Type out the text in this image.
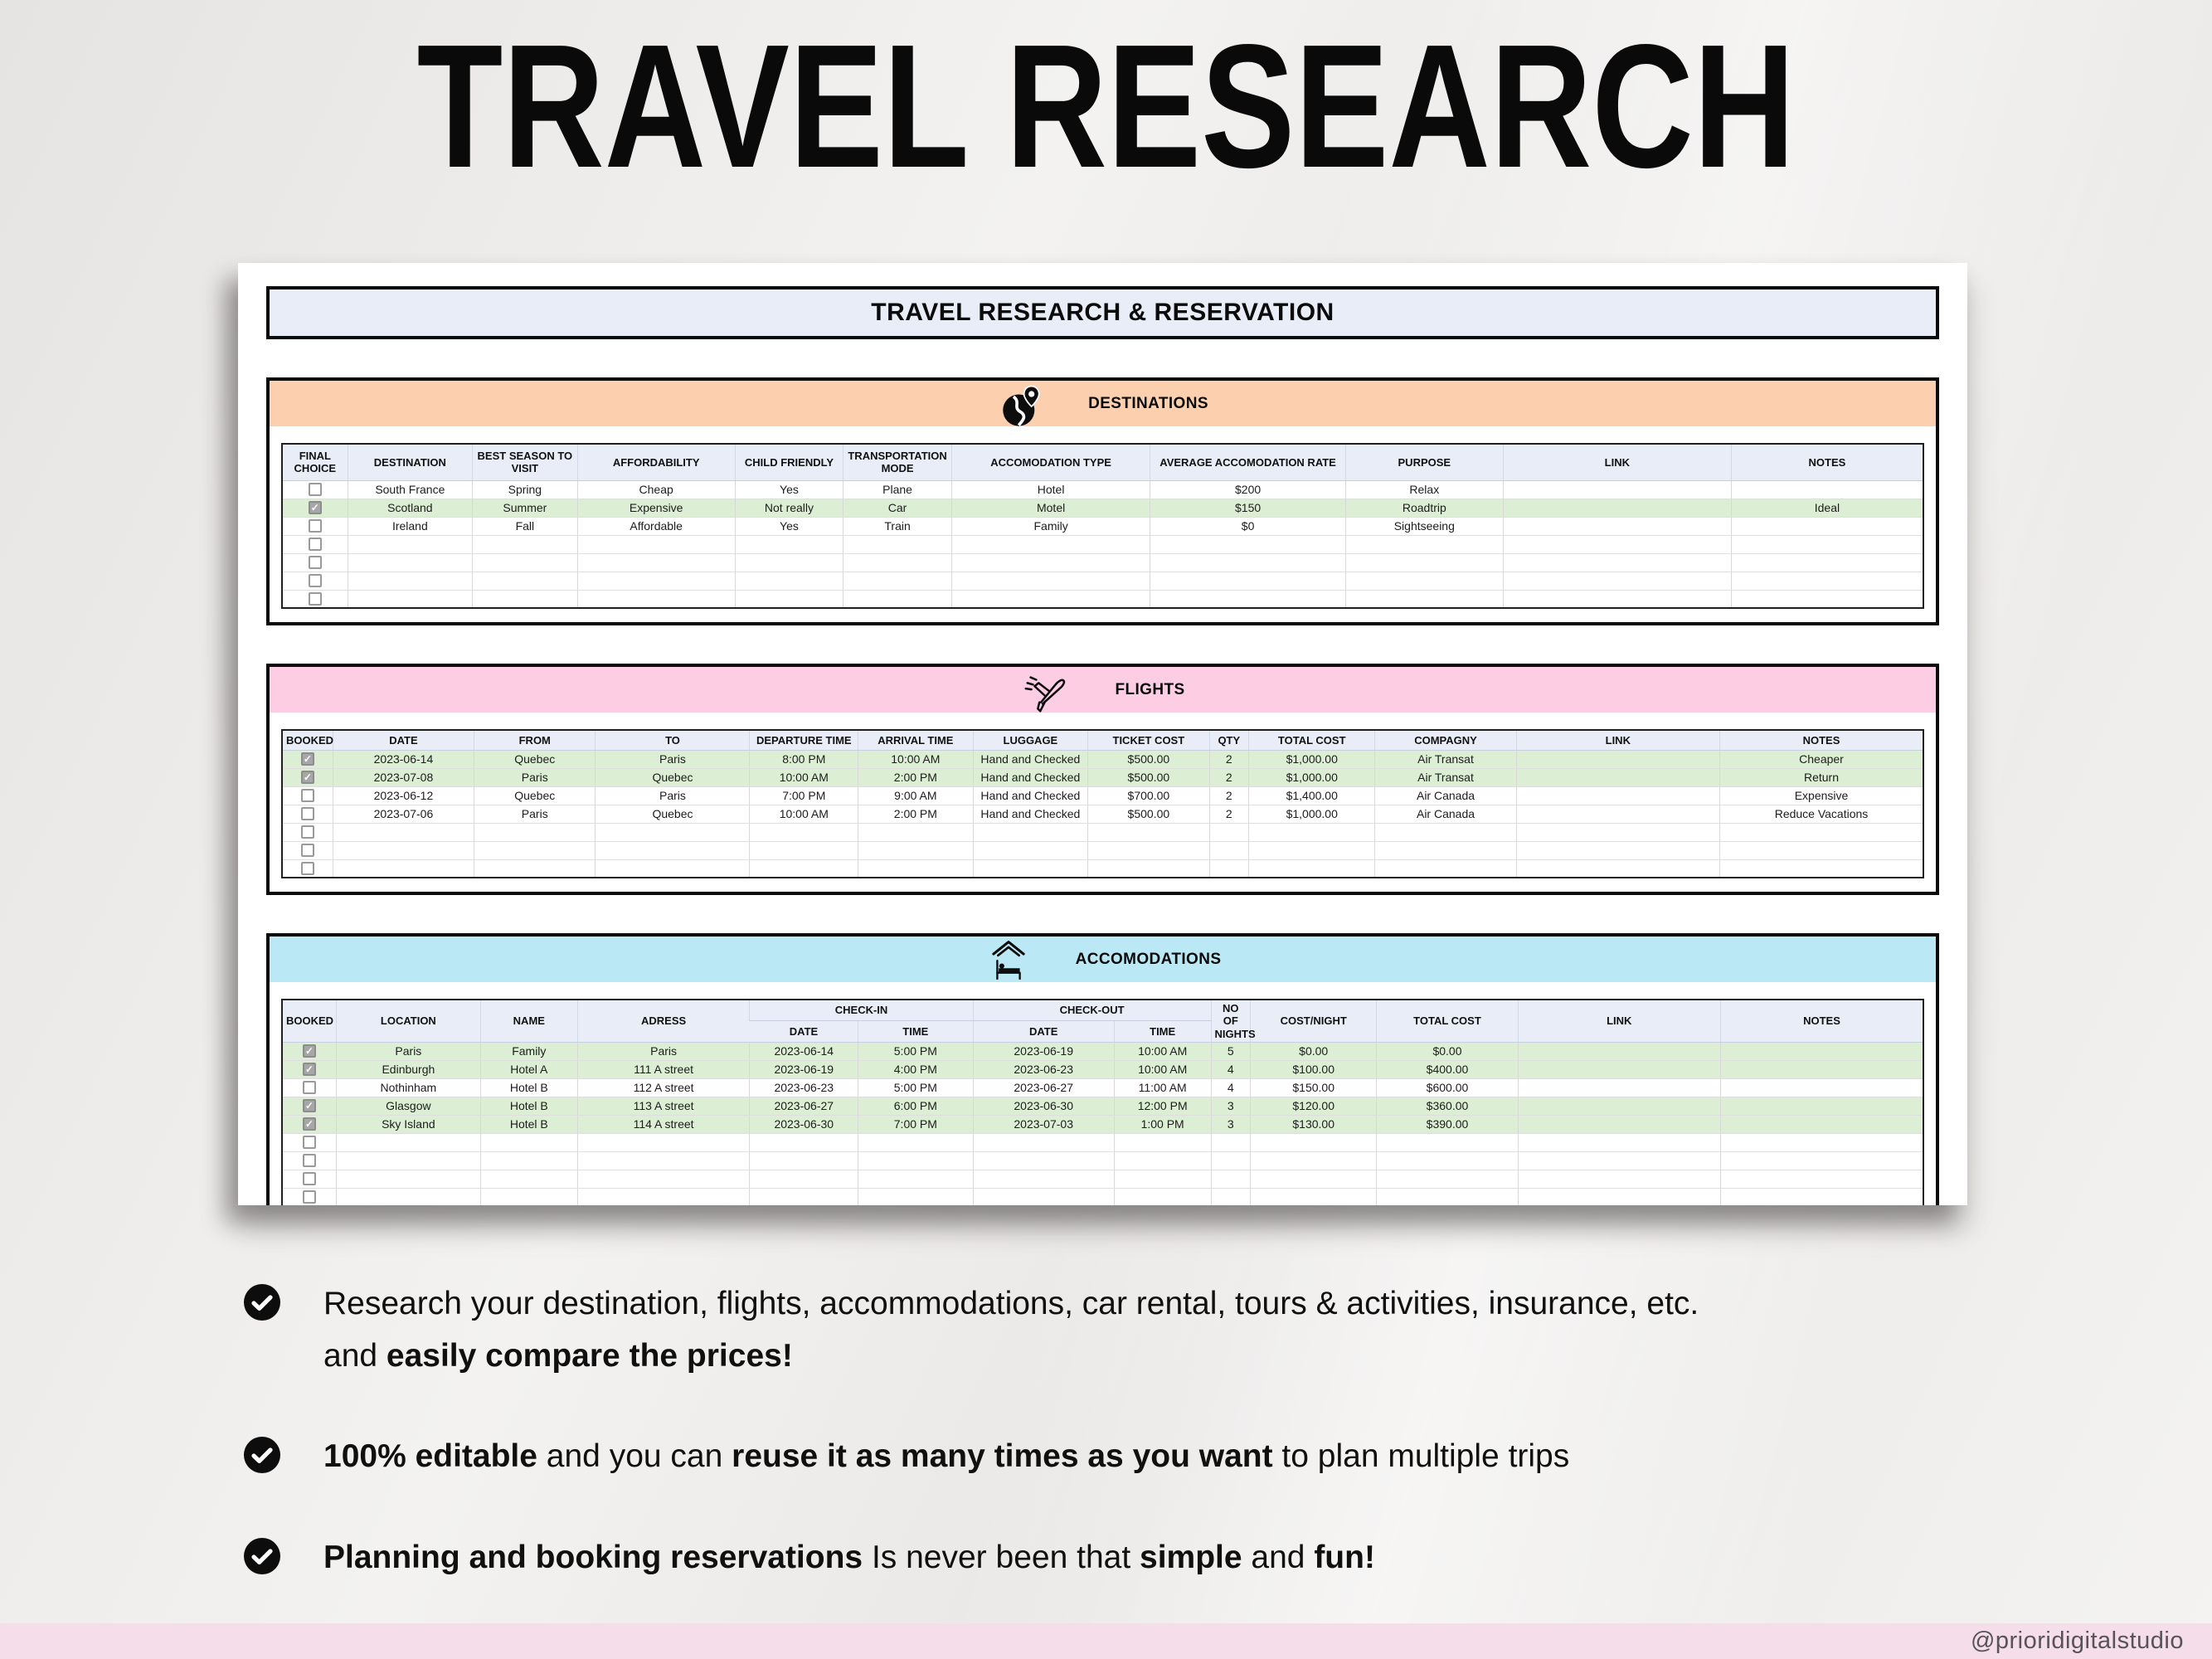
TRAVEL RESEARCH
TRAVEL RESEARCH & RESERVATION
DESTINATIONS
FINAL CHOICE	DESTINATION	BEST SEASON TO VISIT	AFFORDABILITY	CHILD FRIENDLY	TRANSPORTATION MODE	ACCOMODATION TYPE	AVERAGE ACCOMODATION RATE	PURPOSE	LINK	NOTES

	South France	Spring	Cheap	Yes	Plane	Hotel	$200	Relax		

✓	Scotland	Summer	Expensive	Not really	Car	Motel	$150	Roadtrip		Ideal

	Ireland	Fall	Affordable	Yes	Train	Family	$0	Sightseeing		

FLIGHTS
BOOKED	DATE	FROM	TO	DEPARTURE TIME	ARRIVAL TIME	LUGGAGE	TICKET COST	QTY	TOTAL COST	COMPAGNY	LINK	NOTES

✓	2023-06-14	Quebec	Paris	8:00 PM	10:00 AM	Hand and Checked	$500.00	2	$1,000.00	Air Transat		Cheaper

✓	2023-07-08	Paris	Quebec	10:00 AM	2:00 PM	Hand and Checked	$500.00	2	$1,000.00	Air Transat		Return

	2023-06-12	Quebec	Paris	7:00 PM	9:00 AM	Hand and Checked	$700.00	2	$1,400.00	Air Canada		Expensive

	2023-07-06	Paris	Quebec	10:00 AM	2:00 PM	Hand and Checked	$500.00	2	$1,000.00	Air Canada		Reduce Vacations

ACCOMODATIONS
BOOKED	LOCATION	NAME	ADRESS	CHECK-IN		CHECK-OUT		NO OF NIGHTS	COST/NIGHT	TOTAL COST	LINK	NOTES
				DATE	TIME	DATE	TIME					

✓	Paris	Family	Paris	2023-06-14	5:00 PM	2023-06-19	10:00 AM	5	$0.00	$0.00		

✓	Edinburgh	Hotel A	111 A street	2023-06-19	4:00 PM	2023-06-23	10:00 AM	4	$100.00	$400.00		

	Nothinham	Hotel B	112 A street	2023-06-23	5:00 PM	2023-06-27	11:00 AM	4	$150.00	$600.00		

✓	Glasgow	Hotel B	113 A street	2023-06-27	6:00 PM	2023-06-30	12:00 PM	3	$120.00	$360.00		

✓	Sky Island	Hotel B	114 A street	2023-06-30	7:00 PM	2023-07-03	1:00 PM	3	$130.00	$390.00		

Research your destination, flights, accommodations, car rental, tours & activities, insurance, etc.
and easily compare the prices!

100% editable and you can reuse it as many times as you want to plan multiple trips

Planning and booking reservations Is never been that simple and fun!

@prioridigitalstudio
